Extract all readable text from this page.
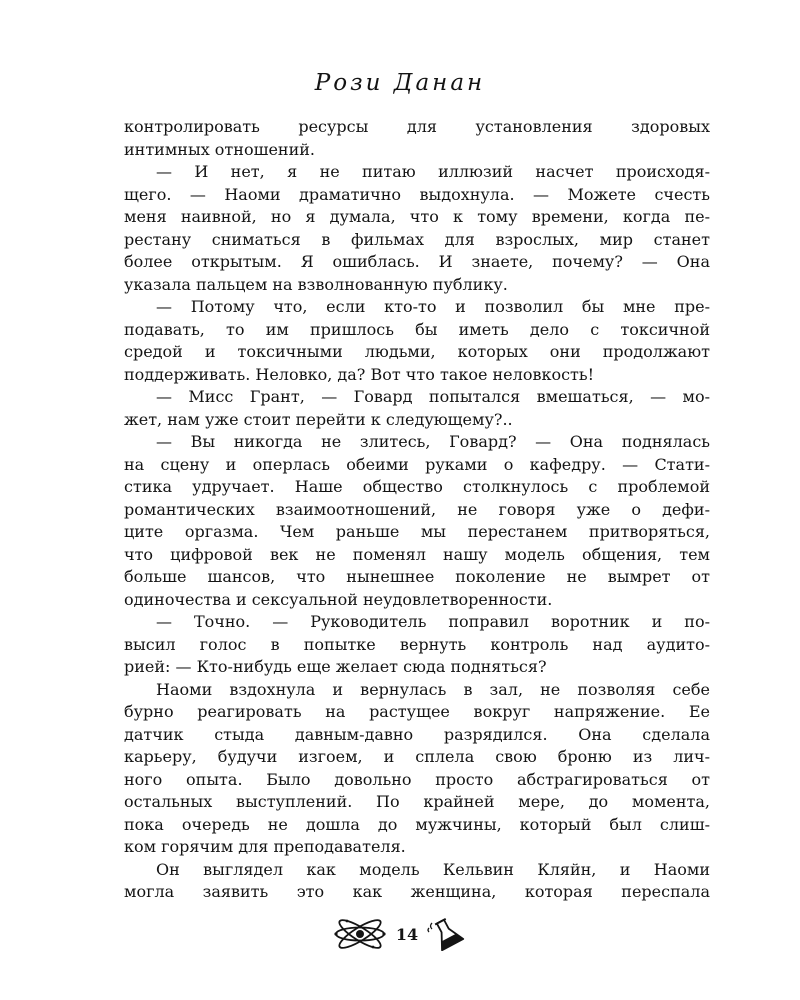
Рози Данан
контролировать ресурсы для установления здоровых
интимных отношений.
— И нет, я не питаю иллюзий насчет происходя-
щего. — Наоми драматично выдохнула. — Можете счесть
меня наивной, но я думала, что к тому времени, когда пе-
рестану сниматься в фильмах для взрослых, мир станет
более открытым. Я ошиблась. И знаете, почему? — Она
указала пальцем на взволнованную публику.
— Потому что, если кто-то и позволил бы мне пре-
подавать, то им пришлось бы иметь дело с токсичной
средой и токсичными людьми, которых они продолжают
поддерживать. Неловко, да? Вот что такое неловкость!
— Мисс Грант, — Говард попытался вмешаться, — мо-
жет, нам уже стоит перейти к следующему?..
— Вы никогда не злитесь, Говард? — Она поднялась
на сцену и оперлась обеими руками о кафедру. — Стати-
стика удручает. Наше общество столкнулось с проблемой
романтических взаимоотношений, не говоря уже о дефи-
ците оргазма. Чем раньше мы перестанем притворяться,
что цифровой век не поменял нашу модель общения, тем
больше шансов, что нынешнее поколение не вымрет от
одиночества и сексуальной неудовлетворенности.
— Точно. — Руководитель поправил воротник и по-
высил голос в попытке вернуть контроль над аудито-
рией: — Кто-нибудь еще желает сюда подняться?
Наоми вздохнула и вернулась в зал, не позволяя себе
бурно реагировать на растущее вокруг напряжение. Ее
датчик стыда давным-давно разрядился. Она сделала
карьеру, будучи изгоем, и сплела свою броню из лич-
ного опыта. Было довольно просто абстрагироваться от
остальных выступлений. По крайней мере, до момента,
пока очередь не дошла до мужчины, который был слиш-
ком горячим для преподавателя.
Он выглядел как модель Кельвин Кляйн, и Наоми
могла заявить это как женщина, которая переспала
14
